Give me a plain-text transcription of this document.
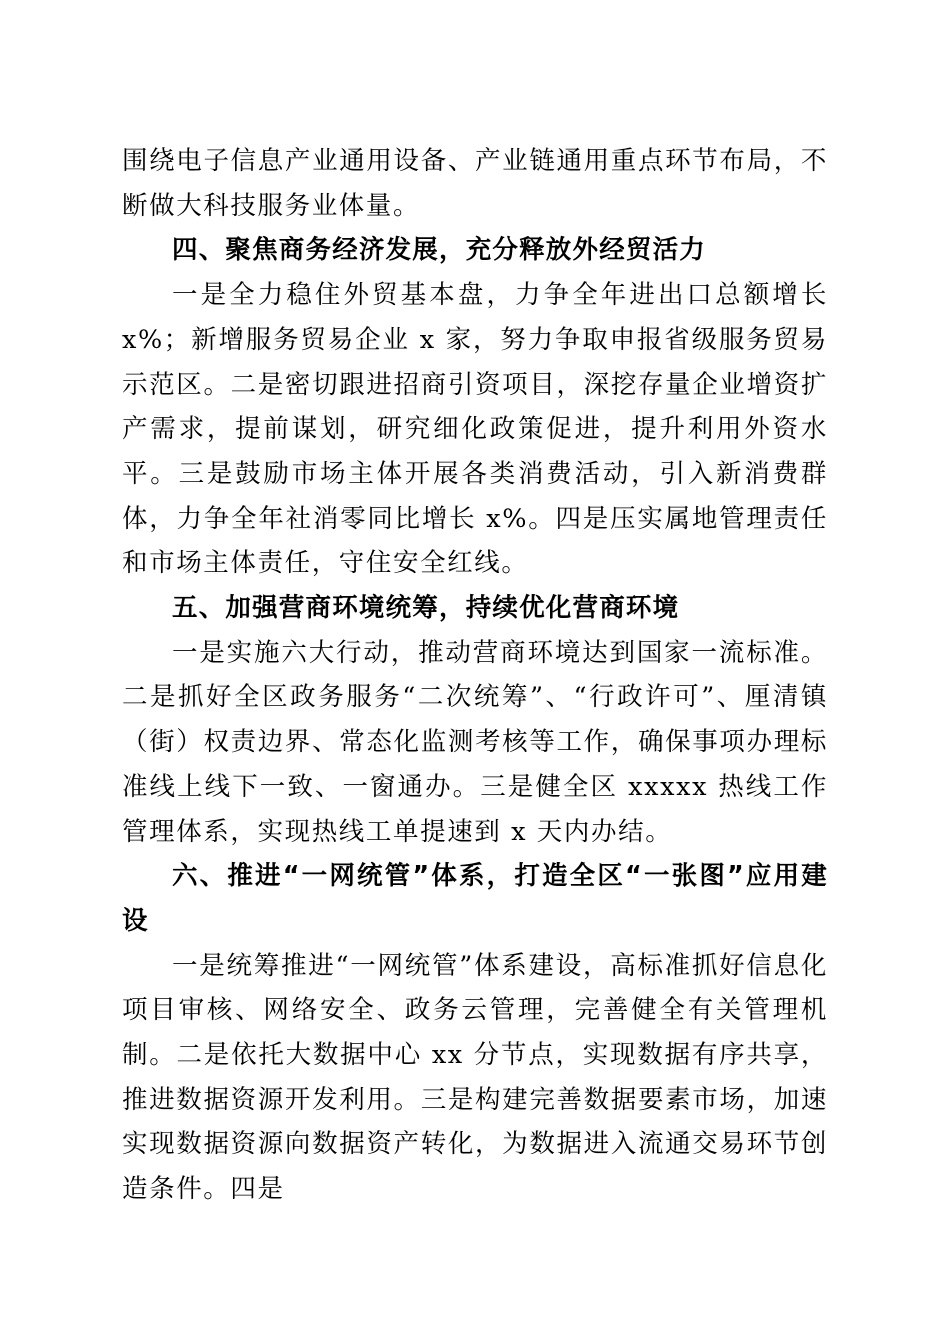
围绕电子信息产业通用设备、产业链通用重点环节布局，不断做大科技服务业体量。

四、聚焦商务经济发展，充分释放外经贸活力

一是全力稳住外贸基本盘，力争全年进出口总额增长 x%；新增服务贸易企业 x 家，努力争取申报省级服务贸易示范区。二是密切跟进招商引资项目，深挖存量企业增资扩产需求，提前谋划，研究细化政策促进，提升利用外资水平。三是鼓励市场主体开展各类消费活动，引入新消费群体，力争全年社消零同比增长 x%。四是压实属地管理责任和市场主体责任，守住安全红线。

五、加强营商环境统筹，持续优化营商环境

一是实施六大行动，推动营商环境达到国家一流标准。二是抓好全区政务服务“二次统筹”、“行政许可”、厘清镇（街）权责边界、常态化监测考核等工作，确保事项办理标准线上线下一致、一窗通办。三是健全区 xxxxx 热线工作管理体系，实现热线工单提速到 x 天内办结。

六、推进“一网统管”体系，打造全区“一张图”应用建设

一是统筹推进“一网统管”体系建设，高标准抓好信息化项目审核、网络安全、政务云管理，完善健全有关管理机制。二是依托大数据中心 xx 分节点，实现数据有序共享，推进数据资源开发利用。三是构建完善数据要素市场，加速实现数据资源向数据资产转化，为数据进入流通交易环节创造条件。四是
